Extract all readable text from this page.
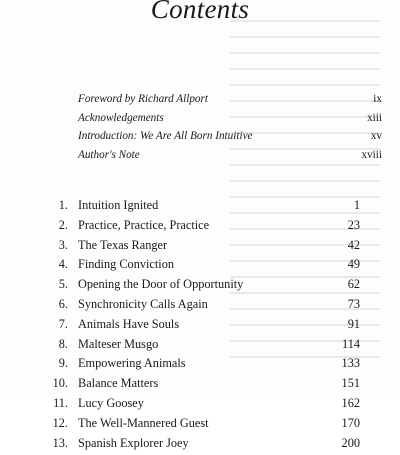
Contents
Foreword by Richard Allport	ix
Acknowledgements	xiii
Introduction: We Are All Born Intuitive	xv
Author's Note	xviii
1. Intuition Ignited	1
2. Practice, Practice, Practice	23
3. The Texas Ranger	42
4. Finding Conviction	49
5. Opening the Door of Opportunity	62
6. Synchronicity Calls Again	73
7. Animals Have Souls	91
8. Malteser Musgo	114
9. Empowering Animals	133
10. Balance Matters	151
11. Lucy Goosey	162
12. The Well-Mannered Guest	170
13. Spanish Explorer Joey	200
